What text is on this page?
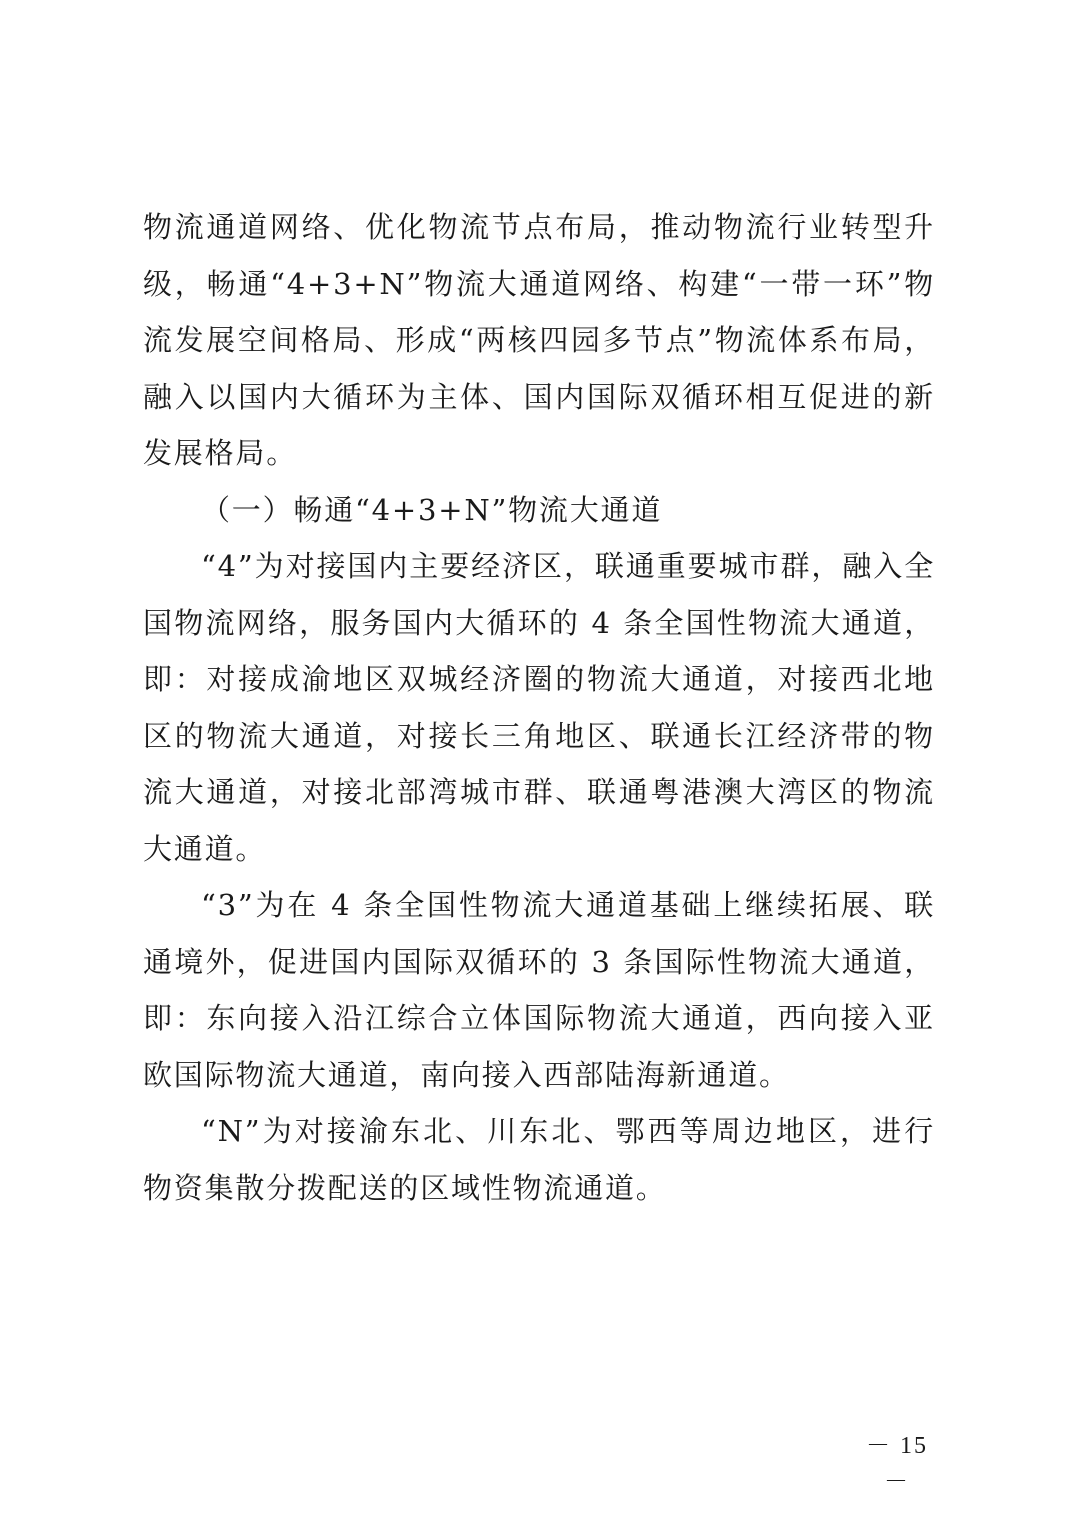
物流通道网络、优化物流节点布局，推动物流行业转型升级，畅通“4+3+N”物流大通道网络、构建“一带一环”物流发展空间格局、形成“两核四园多节点”物流体系布局，融入以国内大循环为主体、国内国际双循环相互促进的新发展格局。

（一）畅通“4+3+N”物流大通道

“4”为对接国内主要经济区，联通重要城市群，融入全国物流网络，服务国内大循环的 4 条全国性物流大通道，即：对接成渝地区双城经济圈的物流大通道，对接西北地区的物流大通道，对接长三角地区、联通长江经济带的物流大通道，对接北部湾城市群、联通粤港澳大湾区的物流大通道。

“3”为在 4 条全国性物流大通道基础上继续拓展、联通境外，促进国内国际双循环的 3 条国际性物流大通道，即：东向接入沿江综合立体国际物流大通道，西向接入亚欧国际物流大通道，南向接入西部陆海新通道。

“N”为对接渝东北、川东北、鄂西等周边地区，进行物资集散分拨配送的区域性物流通道。

－ 15 －
